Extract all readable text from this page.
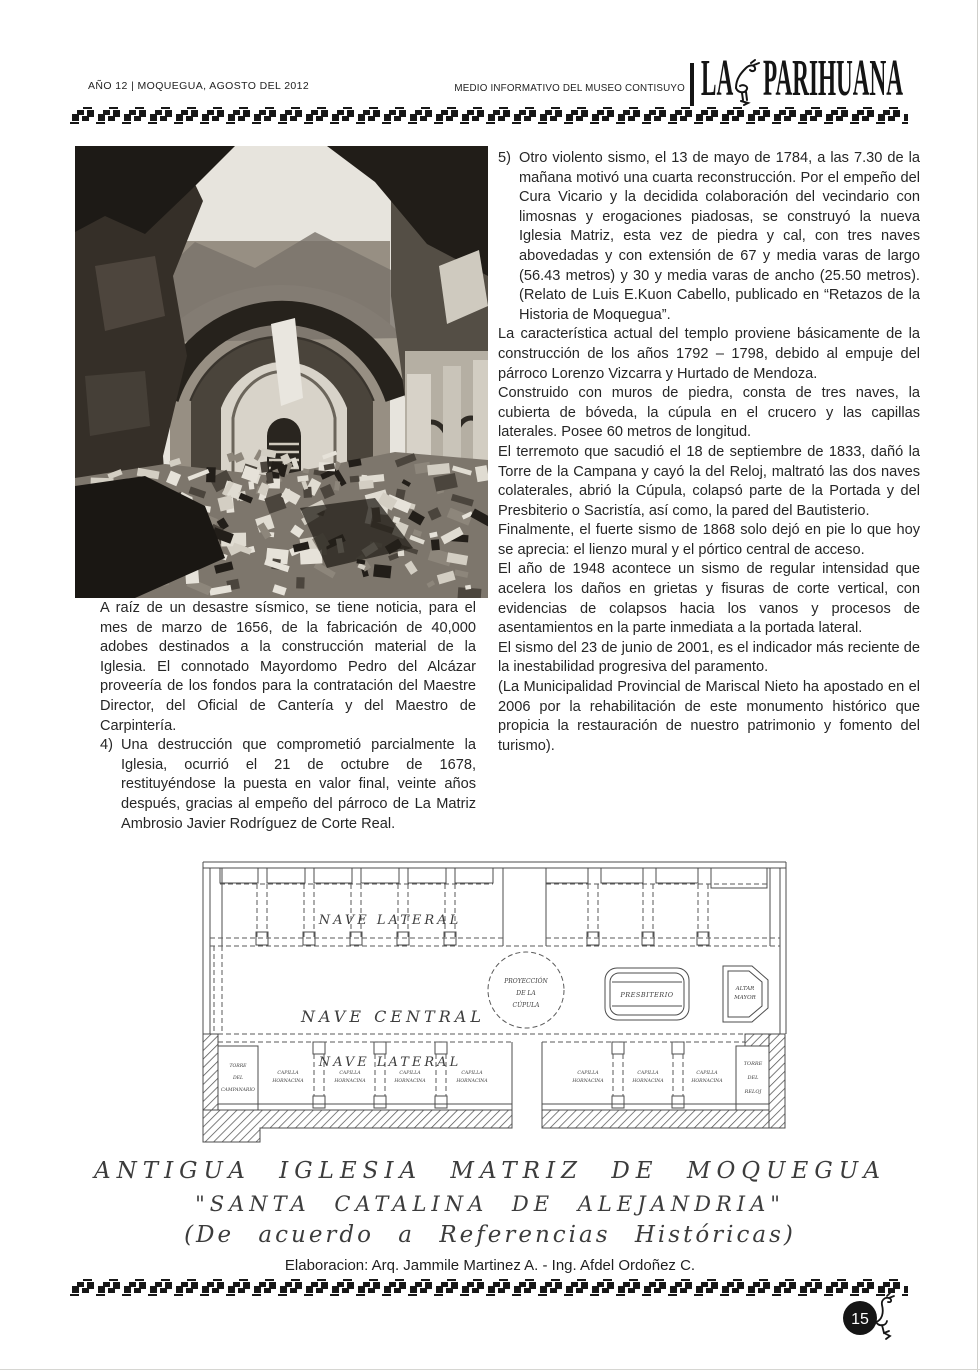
AÑO 12 | MOQUEGUA, AGOSTO DEL 2012	MEDIO INFORMATIVO DEL MUSEO CONTISUYO LA PARIHUANA

A raíz de un desastre sísmico, se tiene noticia, para el mes de marzo de 1656, de la fabricación de 40,000 adobes destinados a la construcción material de la Iglesia. El connotado Mayordomo Pedro del Alcázar proveería de los fondos para la contratación del Maestre Director, del Oficial de Cantería y del Maestro de Carpintería.

4) Una destrucción que comprometió parcialmente la Iglesia, ocurrió el 21 de octubre de 1678, restituyéndose la puesta en valor final, veinte años después, gracias al empeño del párroco de La Matriz Ambrosio Javier Rodríguez de Corte Real.
5) Otro violento sismo, el 13 de mayo de 1784, a las 7.30 de la mañana motivó una cuarta reconstrucción. Por el empeño del Cura Vicario y la decidida colaboración del vecindario con limosnas y erogaciones piadosas, se construyó la nueva Iglesia Matriz, esta vez de piedra y cal, con tres naves abovedadas y con extensión de 67 y media varas de largo (56.43 metros) y 30 y media varas de ancho (25.50 metros). (Relato de Luis E.Kuon Cabello, publicado en “Retazos de la Historia de Moquegua”.

La característica actual del templo proviene básicamente de la construcción de los años 1792 – 1798, debido al empuje del párroco Lorenzo Vizcarra y Hurtado de Mendoza.

Construido con muros de piedra, consta de tres naves, la cubierta de bóveda, la cúpula en el crucero y las capillas laterales. Posee 60 metros de longitud.

El terremoto que sacudió el 18 de septiembre de 1833, dañó la Torre de la Campana y cayó la del Reloj, maltrató las dos naves colaterales, abrió la Cúpula, colapsó parte de la Portada y del Presbiterio o Sacristía, así como, la pared del Bautisterio.

Finalmente, el fuerte sismo de 1868 solo dejó en pie lo que hoy se aprecia: el lienzo mural y el pórtico central de acceso.

El año de 1948 acontece un sismo de regular intensidad que acelera los daños en grietas y fisuras de corte vertical, con evidencias de colapsos hacia los vanos y procesos de asentamientos en la parte inmediata a la portada lateral.

El sismo del 23 de junio de 2001, es el indicador más reciente de la inestabilidad progresiva del paramento.

(La Municipalidad Provincial de Mariscal Nieto ha apostado en el 2006 por la rehabilitación de este monumento histórico que propicia la restauración de nuestro patrimonio y fomento del turismo).

NAVE LATERAL
NAVE CENTRAL
NAVE LATERAL
PROYECCIÓN
DE LA
CÚPULA
PRESBITERIO
ALTAR
MAYOR
CAPILLA
HORNACINA
CAPILLA
HORNACINA
CAPILLA
HORNACINA
CAPILLA
HORNACINA
CAPILLA
HORNACINA
CAPILLA
HORNACINA
CAPILLA
HORNACINA
TORRE
DEL
CAMPANARIO
TORRE
DEL
RELOJ
ANTIGUA IGLESIA MATRIZ DE MOQUEGUA
"SANTA CATALINA DE ALEJANDRIA"
(De acuerdo a Referencias Históricas)
Elaboracion: Arq. Jammile Martinez A. - Ing. Afdel Ordoñez C.
15
